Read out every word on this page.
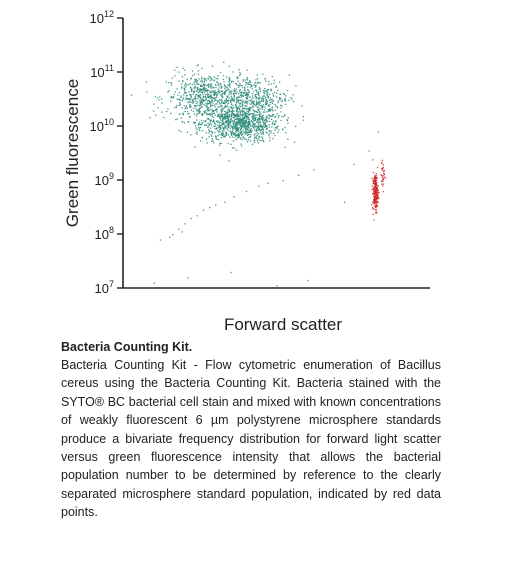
$10^7$
$10^8$
$10^9$
$10^{10}$
$10^{11}$
$10^{12}$
Forward scatter
Green fluorescence
Bacteria Counting Kit.
Bacteria Counting Kit - Flow cytometric enumeration of Bacillus cereus using the Bacteria Counting Kit. Bacteria stained with the SYTO® BC bacterial cell stain and mixed with known concentrations of weakly fluorescent 6 µm polystyrene microsphere standards produce a bivariate frequency distribution for forward light scatter versus green fluorescence intensity that allows the bacterial population number to be determined by reference to the clearly separated microsphere standard population, indicated by red data points.
